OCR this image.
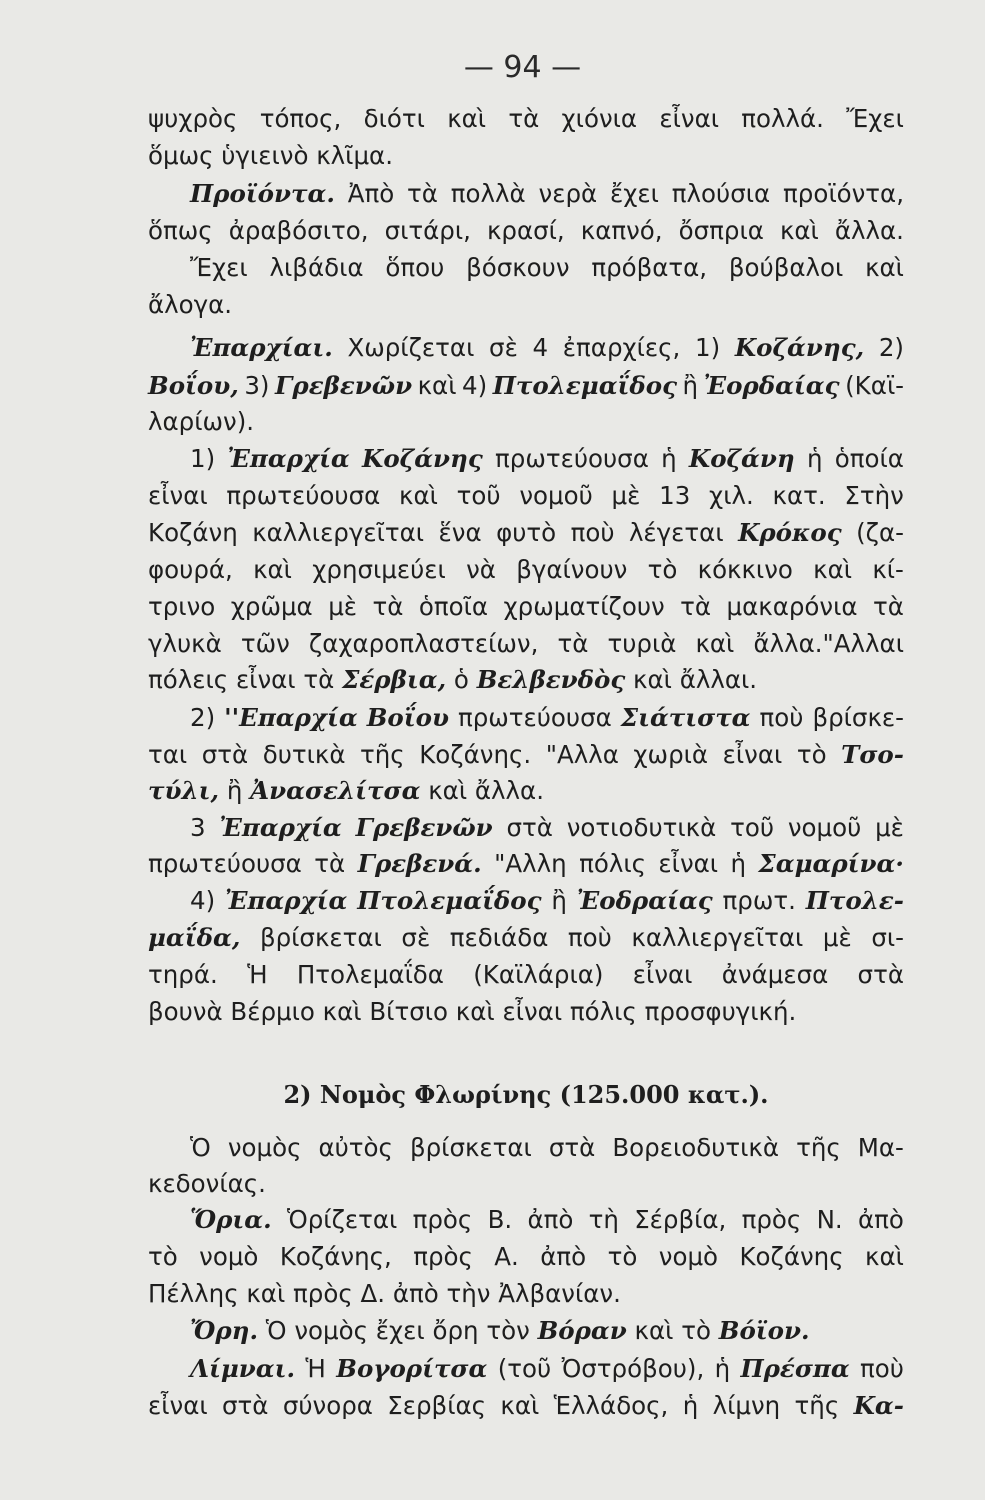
— 94 —
ψυχρὸς τόπος, διότι καὶ τὰ χιόνια εἶναι πολλά. Ἔχει
ὅμως ὑγιεινὸ κλῖμα.
Προϊόντα. Ἀπὸ τὰ πολλὰ νερὰ ἔχει πλούσια προϊόντα,
ὅπως ἀραβόσιτο, σιτάρι, κρασί, καπνό, ὄσπρια καὶ ἄλλα.
Ἔχει λιβάδια ὅπου βόσκουν πρόβατα, βούβαλοι καὶ
ἄλογα.
Ἐπαρχίαι. Χωρίζεται σὲ 4 ἐπαρχίες, 1) Κοζάνης, 2)
Βοΐου, 3) Γρεβενῶν καὶ 4) Πτολεμαΐδος ἢ Ἐορδαίας (Καϊ-
λαρίων).
1) Ἐπαρχία Κοζάνης πρωτεύουσα ἡ Κοζάνη ἡ ὁποία
εἶναι πρωτεύουσα καὶ τοῦ νομοῦ μὲ 13 χιλ. κατ. Στὴν
Κοζάνη καλλιεργεῖται ἕνα φυτὸ ποὺ λέγεται Κρόκος (ζα-
φουρά, καὶ χρησιμεύει νὰ βγαίνουν τὸ κόκκινο καὶ κί-
τρινο χρῶμα μὲ τὰ ὁποῖα χρωματίζουν τὰ μακαρόνια τὰ
γλυκὰ τῶν ζαχαροπλαστείων, τὰ τυριὰ καὶ ἄλλα."Αλλαι
πόλεις εἶναι τὰ Σέρβια, ὁ Βελβενδὸς καὶ ἄλλαι.
2) ''Επαρχία Βοΐου πρωτεύουσα Σιάτιστα ποὺ βρίσκε-
ται στὰ δυτικὰ τῆς Κοζάνης. "Αλλα χωριὰ εἶναι τὸ Τσο-
τύλι, ἢ Ἀνασελίτσα καὶ ἄλλα.
3 Ἐπαρχία Γρεβενῶν στὰ νοτιοδυτικὰ τοῦ νομοῦ μὲ
πρωτεύουσα τὰ Γρεβενά. "Αλλη πόλις εἶναι ἡ Σαμαρίνα·
4) Ἐπαρχία Πτολεμαΐδος ἢ Ἐοδραίας πρωτ. Πτολε-
μαΐδα, βρίσκεται σὲ πεδιάδα ποὺ καλλιεργεῖται μὲ σι-
τηρά. Ἡ Πτολεμαΐδα (Καϊλάρια) εἶναι ἀνάμεσα στὰ
βουνὰ Βέρμιο καὶ Βίτσιο καὶ εἶναι πόλις προσφυγική.
2) Νομὸς Φλωρίνης (125.000 κατ.).
Ὁ νομὸς αὐτὸς βρίσκεται στὰ Βορειοδυτικὰ τῆς Μα-
κεδονίας.
Ὅρια. Ὁρίζεται πρὸς Β. ἀπὸ τὴ Σέρβία, πρὸς Ν. ἀπὸ
τὸ νομὸ Κοζάνης, πρὸς Α. ἀπὸ τὸ νομὸ Κοζάνης καὶ
Πέλλης καὶ πρὸς Δ. ἀπὸ τὴν Ἀλβανίαν.
Ὄρη. Ὁ νομὸς ἔχει ὄρη τὸν Βόραν καὶ τὸ Βόϊον.
Λίμναι. Ἡ Βογορίτσα (τοῦ Ὀστρόβου), ἡ Πρέσπα ποὺ
εἶναι στὰ σύνορα Σερβίας καὶ Ἑλλάδος, ἡ λίμνη τῆς Κα-
